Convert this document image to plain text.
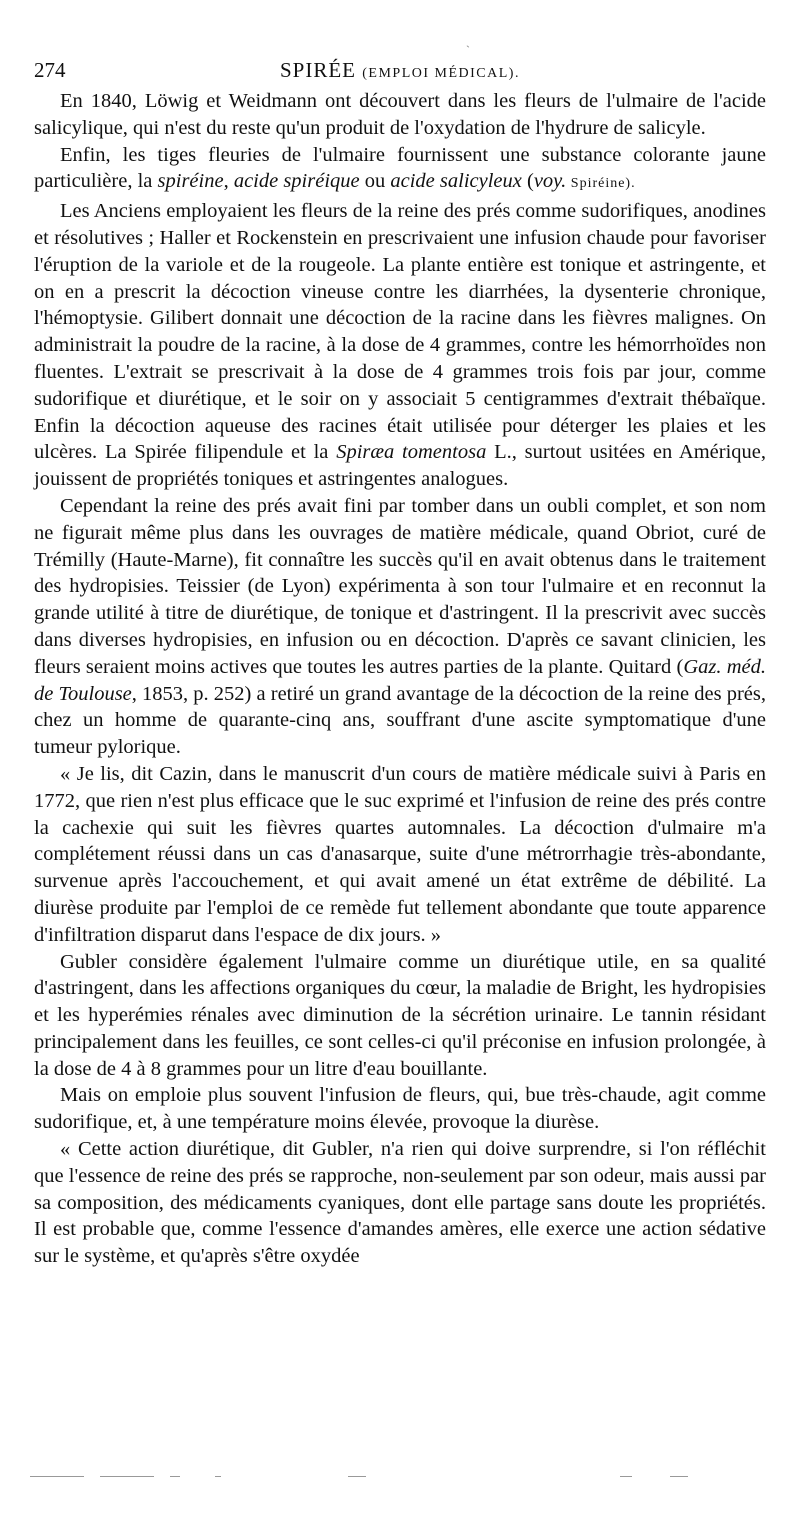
ˏ
274	SPIRÉE (EMPLOI MÉDICAL).

En 1840, Löwig et Weidmann ont découvert dans les fleurs de l'ulmaire de l'acide salicylique, qui n'est du reste qu'un produit de l'oxydation de l'hydrure de salicyle.

Enfin, les tiges fleuries de l'ulmaire fournissent une substance colorante jaune particulière, la spiréine, acide spiréique ou acide salicyleux (voy. Spiréine).

Les Anciens employaient les fleurs de la reine des prés comme sudorifiques, anodines et résolutives ; Haller et Rockenstein en prescrivaient une infusion chaude pour favoriser l'éruption de la variole et de la rougeole. La plante entière est tonique et astringente, et on en a prescrit la décoction vineuse contre les diarrhées, la dysenterie chronique, l'hémoptysie. Gilibert donnait une décoction de la racine dans les fièvres malignes. On administrait la poudre de la racine, à la dose de 4 grammes, contre les hémorrhoïdes non fluentes. L'extrait se prescrivait à la dose de 4 grammes trois fois par jour, comme sudorifique et diurétique, et le soir on y associait 5 centigrammes d'extrait thébaïque. Enfin la décoction aqueuse des racines était utilisée pour déterger les plaies et les ulcères. La Spirée filipendule et la Spiræa tomentosa L., surtout usitées en Amérique, jouissent de propriétés toniques et astringentes analogues.

Cependant la reine des prés avait fini par tomber dans un oubli complet, et son nom ne figurait même plus dans les ouvrages de matière médicale, quand Obriot, curé de Trémilly (Haute-Marne), fit connaître les succès qu'il en avait obtenus dans le traitement des hydropisies. Teissier (de Lyon) expérimenta à son tour l'ulmaire et en reconnut la grande utilité à titre de diurétique, de tonique et d'astringent. Il la prescrivit avec succès dans diverses hydropisies, en infusion ou en décoction. D'après ce savant clinicien, les fleurs seraient moins actives que toutes les autres parties de la plante. Quitard (Gaz. méd. de Toulouse, 1853, p. 252) a retiré un grand avantage de la décoction de la reine des prés, chez un homme de quarante-cinq ans, souffrant d'une ascite symptomatique d'une tumeur pylorique.

« Je lis, dit Cazin, dans le manuscrit d'un cours de matière médicale suivi à Paris en 1772, que rien n'est plus efficace que le suc exprimé et l'infusion de reine des prés contre la cachexie qui suit les fièvres quartes automnales. La décoction d'ulmaire m'a complétement réussi dans un cas d'anasarque, suite d'une métrorrhagie très-abondante, survenue après l'accouchement, et qui avait amené un état extrême de débilité. La diurèse produite par l'emploi de ce remède fut tellement abondante que toute apparence d'infiltration disparut dans l'espace de dix jours. »

Gubler considère également l'ulmaire comme un diurétique utile, en sa qualité d'astringent, dans les affections organiques du cœur, la maladie de Bright, les hydropisies et les hyperémies rénales avec diminution de la sécrétion urinaire. Le tannin résidant principalement dans les feuilles, ce sont celles-ci qu'il préconise en infusion prolongée, à la dose de 4 à 8 grammes pour un litre d'eau bouillante.

Mais on emploie plus souvent l'infusion de fleurs, qui, bue très-chaude, agit comme sudorifique, et, à une température moins élevée, provoque la diurèse.

« Cette action diurétique, dit Gubler, n'a rien qui doive surprendre, si l'on réfléchit que l'essence de reine des prés se rapproche, non-seulement par son odeur, mais aussi par sa composition, des médicaments cyaniques, dont elle partage sans doute les propriétés. Il est probable que, comme l'essence d'amandes amères, elle exerce une action sédative sur le système, et qu'après s'être oxydée
